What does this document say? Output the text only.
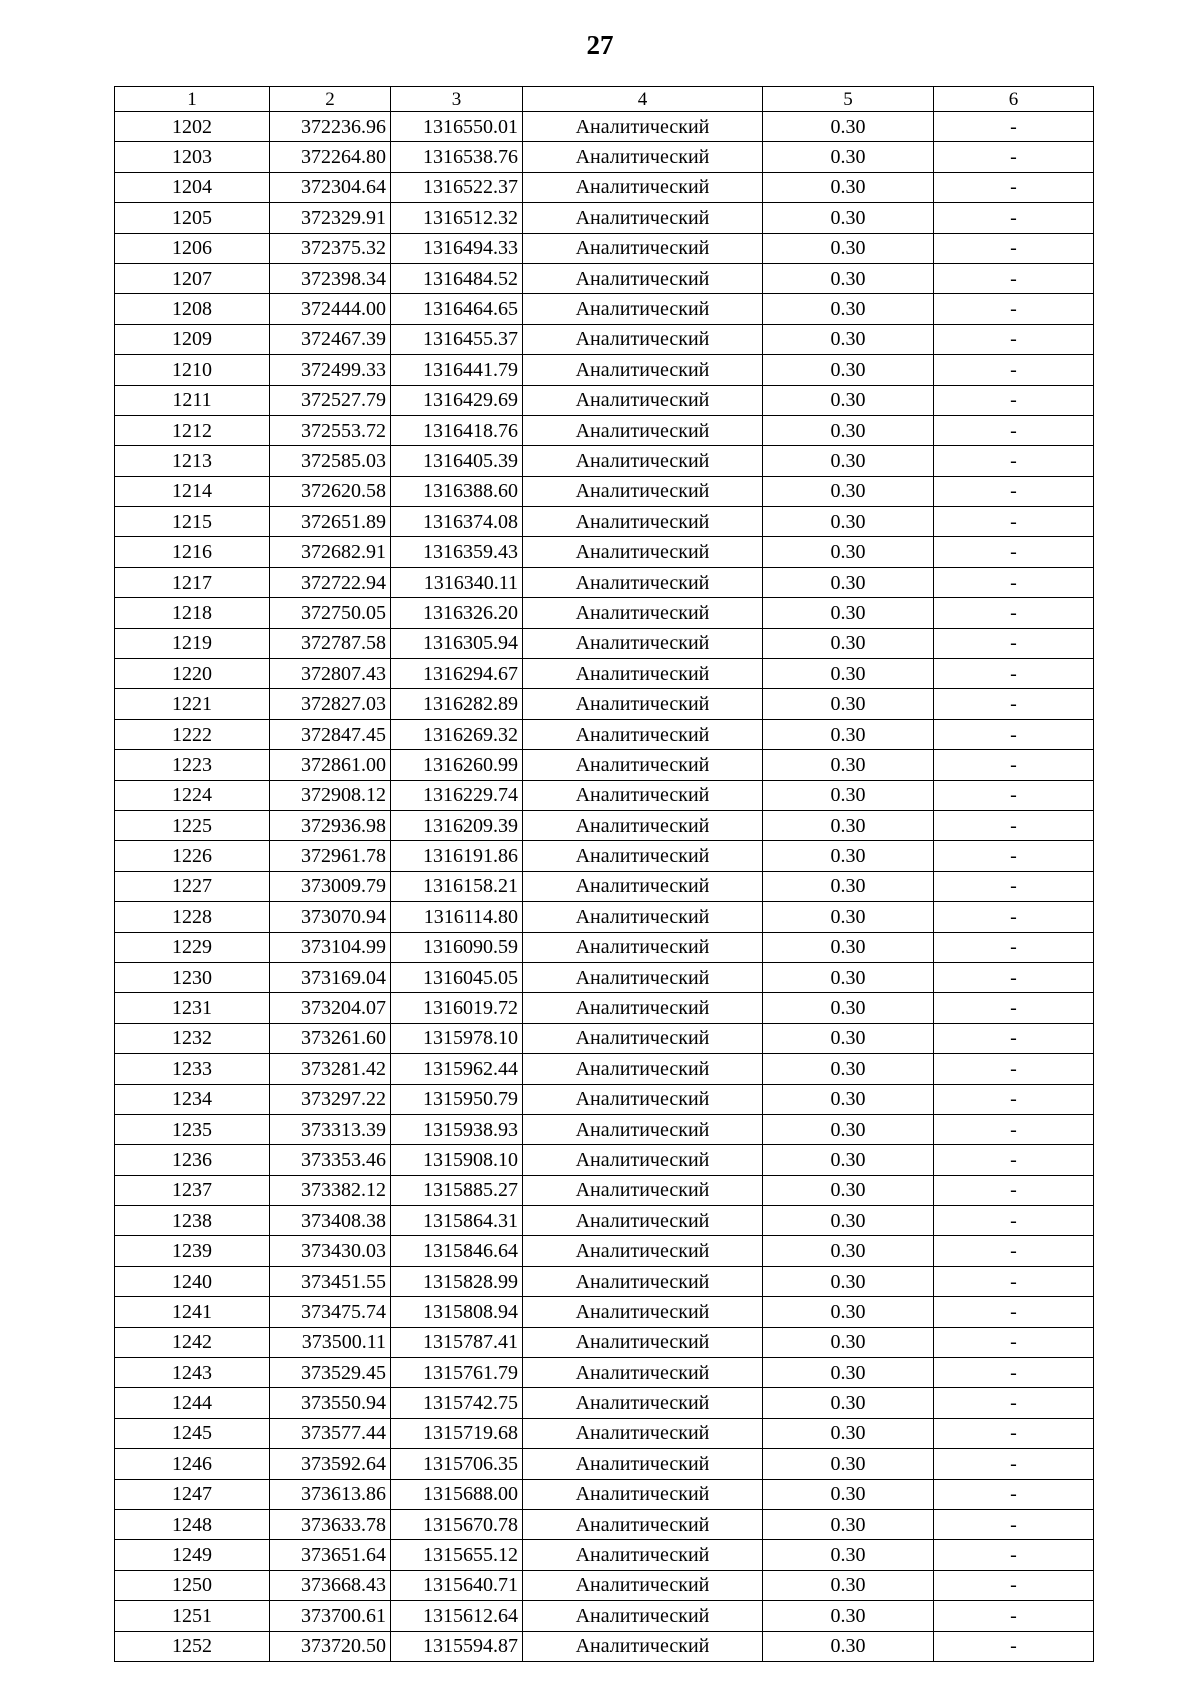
27
1	2	3	4	5	6
1202	372236.96	1316550.01	Аналитический	0.30	-
1203	372264.80	1316538.76	Аналитический	0.30	-
1204	372304.64	1316522.37	Аналитический	0.30	-
1205	372329.91	1316512.32	Аналитический	0.30	-
1206	372375.32	1316494.33	Аналитический	0.30	-
1207	372398.34	1316484.52	Аналитический	0.30	-
1208	372444.00	1316464.65	Аналитический	0.30	-
1209	372467.39	1316455.37	Аналитический	0.30	-
1210	372499.33	1316441.79	Аналитический	0.30	-
1211	372527.79	1316429.69	Аналитический	0.30	-
1212	372553.72	1316418.76	Аналитический	0.30	-
1213	372585.03	1316405.39	Аналитический	0.30	-
1214	372620.58	1316388.60	Аналитический	0.30	-
1215	372651.89	1316374.08	Аналитический	0.30	-
1216	372682.91	1316359.43	Аналитический	0.30	-
1217	372722.94	1316340.11	Аналитический	0.30	-
1218	372750.05	1316326.20	Аналитический	0.30	-
1219	372787.58	1316305.94	Аналитический	0.30	-
1220	372807.43	1316294.67	Аналитический	0.30	-
1221	372827.03	1316282.89	Аналитический	0.30	-
1222	372847.45	1316269.32	Аналитический	0.30	-
1223	372861.00	1316260.99	Аналитический	0.30	-
1224	372908.12	1316229.74	Аналитический	0.30	-
1225	372936.98	1316209.39	Аналитический	0.30	-
1226	372961.78	1316191.86	Аналитический	0.30	-
1227	373009.79	1316158.21	Аналитический	0.30	-
1228	373070.94	1316114.80	Аналитический	0.30	-
1229	373104.99	1316090.59	Аналитический	0.30	-
1230	373169.04	1316045.05	Аналитический	0.30	-
1231	373204.07	1316019.72	Аналитический	0.30	-
1232	373261.60	1315978.10	Аналитический	0.30	-
1233	373281.42	1315962.44	Аналитический	0.30	-
1234	373297.22	1315950.79	Аналитический	0.30	-
1235	373313.39	1315938.93	Аналитический	0.30	-
1236	373353.46	1315908.10	Аналитический	0.30	-
1237	373382.12	1315885.27	Аналитический	0.30	-
1238	373408.38	1315864.31	Аналитический	0.30	-
1239	373430.03	1315846.64	Аналитический	0.30	-
1240	373451.55	1315828.99	Аналитический	0.30	-
1241	373475.74	1315808.94	Аналитический	0.30	-
1242	373500.11	1315787.41	Аналитический	0.30	-
1243	373529.45	1315761.79	Аналитический	0.30	-
1244	373550.94	1315742.75	Аналитический	0.30	-
1245	373577.44	1315719.68	Аналитический	0.30	-
1246	373592.64	1315706.35	Аналитический	0.30	-
1247	373613.86	1315688.00	Аналитический	0.30	-
1248	373633.78	1315670.78	Аналитический	0.30	-
1249	373651.64	1315655.12	Аналитический	0.30	-
1250	373668.43	1315640.71	Аналитический	0.30	-
1251	373700.61	1315612.64	Аналитический	0.30	-
1252	373720.50	1315594.87	Аналитический	0.30	-
